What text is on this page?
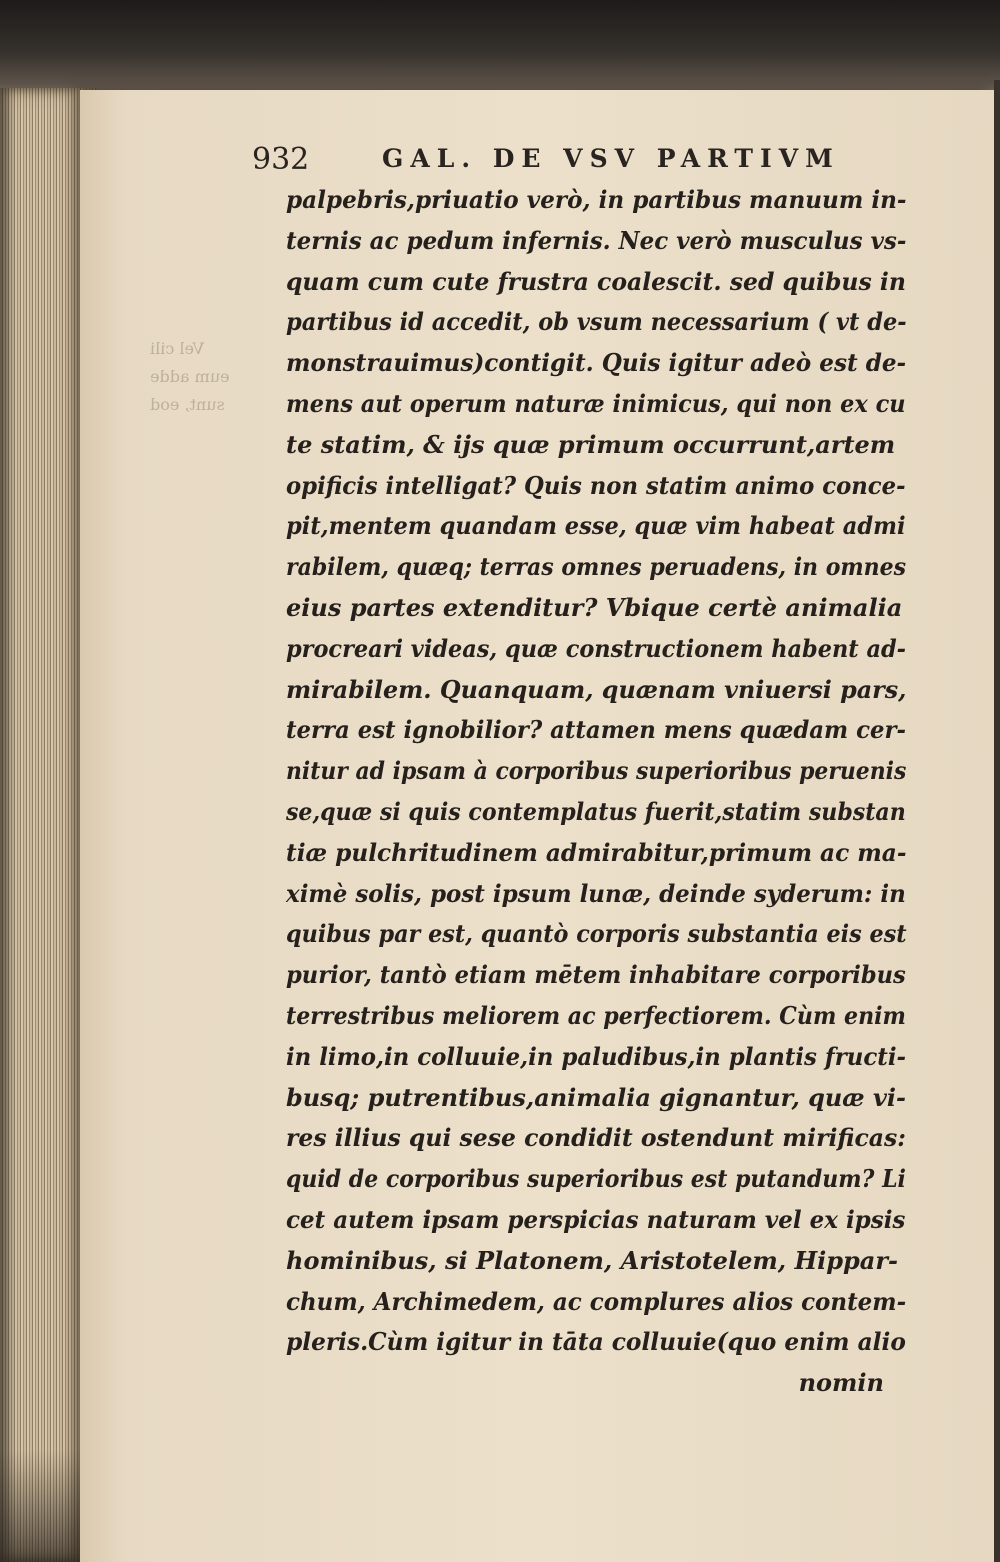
Vel cili
eum adde
sunt, eod
932	GAL. DE VSV PARTIVM
palpebris,priuatio verò, in partibus manuum in-
ternis ac pedum infernis. Nec verò musculus vs-
quam cum cute frustra coalescit. sed quibus in
partibus id accedit, ob vsum necessarium ( vt de-
monstrauimus)contigit. Quis igitur adeò est de-
mens aut operum naturæ inimicus, qui non ex cu
te statim, & ijs quæ primum occurrunt,artem
opificis intelligat? Quis non statim animo conce-
pit,mentem quandam esse, quæ vim habeat admi
rabilem, quæq; terras omnes peruadens, in omnes
eius partes extenditur? Vbique certè animalia
procreari videas, quæ constructionem habent ad-
mirabilem. Quanquam, quænam vniuersi pars,
terra est ignobilior? attamen mens quædam cer-
nitur ad ipsam à corporibus superioribus peruenis
se,quæ si quis contemplatus fuerit,statim substan
tiæ pulchritudinem admirabitur,primum ac ma-
ximè solis, post ipsum lunæ, deinde syderum: in
quibus par est, quantò corporis substantia eis est
purior, tantò etiam mētem inhabitare corporibus
terrestribus meliorem ac perfectiorem. Cùm enim
in limo,in colluuie,in paludibus,in plantis fructi-
busq; putrentibus,animalia gignantur, quæ vi-
res illius qui sese condidit ostendunt mirificas:
quid de corporibus superioribus est putandum? Li
cet autem ipsam perspicias naturam vel ex ipsis
hominibus, si Platonem, Aristotelem, Hippar-
chum, Archimedem, ac complures alios contem-
pleris.Cùm igitur in tāta colluuie(quo enim alio
nomin
